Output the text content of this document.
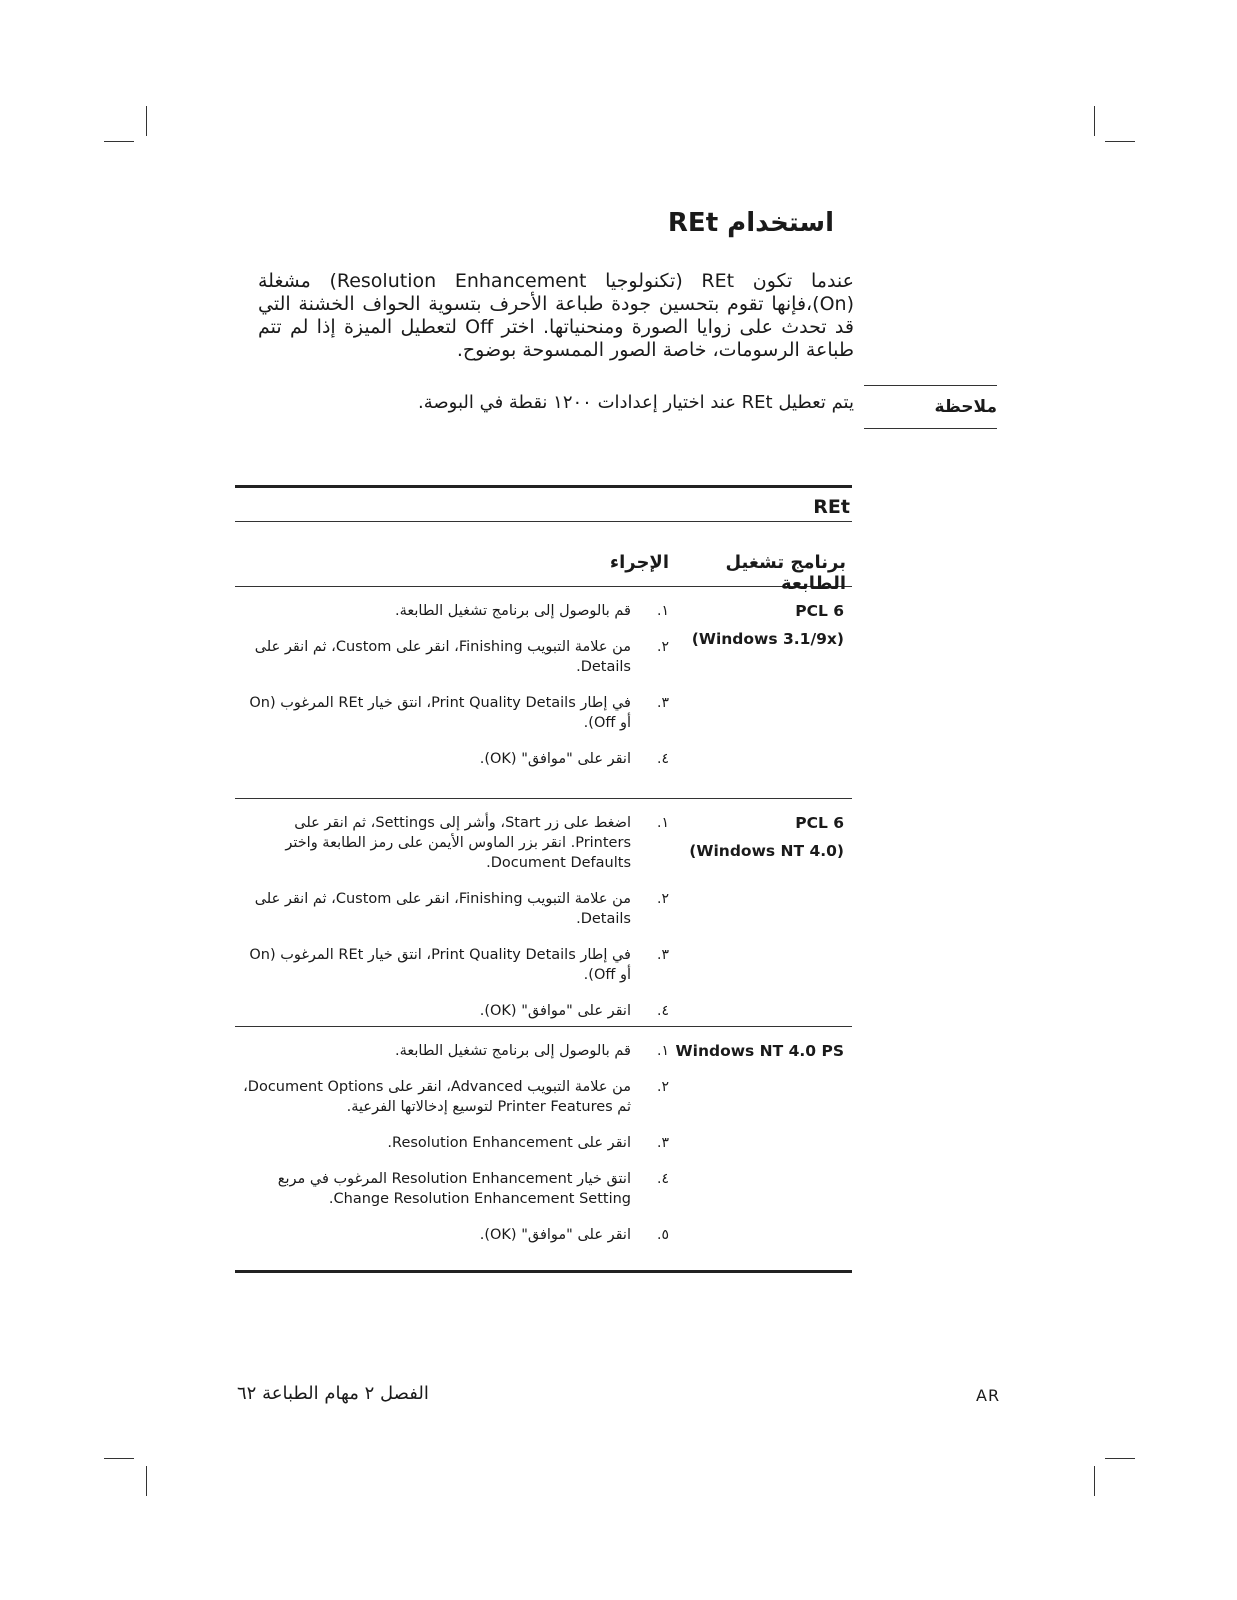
استخدام REt

عندما تكون REt (تكنولوجيا Resolution Enhancement) مشغلة (On)،فإنها تقوم بتحسين جودة طباعة الأحرف بتسوية الحواف الخشنة التي قد تحدث على زوايا الصورة ومنحنياتها. اختر Off لتعطيل الميزة إذا لم تتم طباعة الرسومات، خاصة الصور الممسوحة بوضوح.

ملاحظة
يتم تعطيل REt عند اختيار إعدادات ١٢٠٠ نقطة في البوصة.
REt
برنامج تشغيل الطابعة
الإجراء
PCL 6
(Windows 3.1/9x)
١.
قم بالوصول إلى برنامج تشغيل الطابعة.
٢.
من علامة التبويب Finishing، انقر على Custom، ثم انقر على Details.
٣.
في إطار Print Quality Details، انتق خيار REt المرغوب (On أو Off).
٤.
انقر على "موافق" (OK).
PCL 6
(Windows NT 4.0)
١.
اضغط على زر Start، وأشر إلى Settings، ثم انقر على Printers. انقر بزر الماوس الأيمن على رمز الطابعة واختر Document Defaults.
٢.
من علامة التبويب Finishing، انقر على Custom، ثم انقر على Details.
٣.
في إطار Print Quality Details، انتق خيار REt المرغوب (On أو Off).
٤.
انقر على "موافق" (OK).
Windows NT 4.0 PS
١.
قم بالوصول إلى برنامج تشغيل الطابعة.
٢.
من علامة التبويب Advanced، انقر على Document Options، ثم Printer Features لتوسيع إدخالاتها الفرعية.
٣.
انقر على Resolution Enhancement.
٤.
انتق خيار Resolution Enhancement المرغوب في مربع Change Resolution Enhancement Setting.
٥.
انقر على "موافق" (OK).
الفصل ٢ مهام الطباعة ٦٢	AR
